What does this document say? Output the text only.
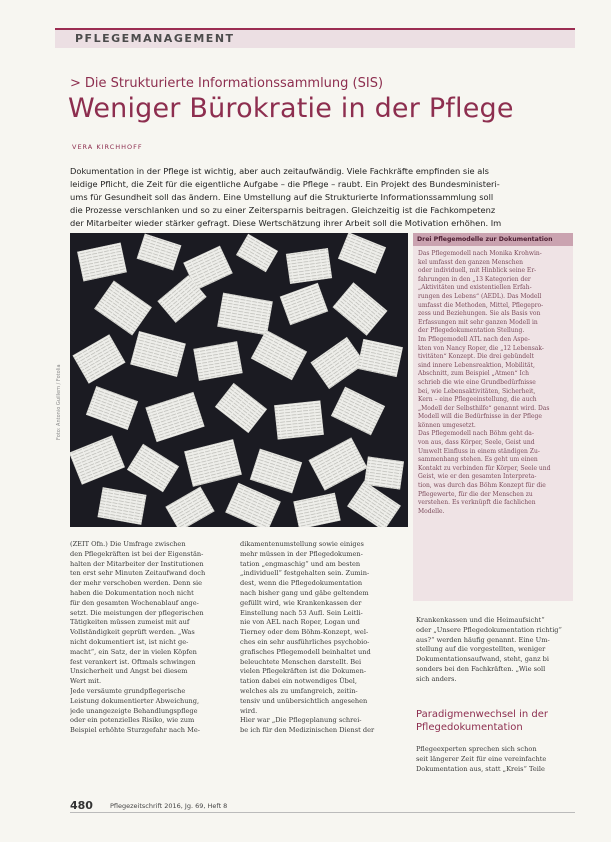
PFLEGEMANAGEMENT
> Die Strukturierte Informationssammlung (SIS)
Weniger Bürokratie in der Pflege
VERA KIRCHHOFF
Dokumentation in der Pflege ist wichtig, aber auch zeitaufwändig. Viele Fachkräfte empfinden sie als
leidige Pflicht, die Zeit für die eigentliche Aufgabe – die Pflege – raubt. Ein Projekt des Bundesministeri-
ums für Gesundheit soll das ändern. Eine Umstellung auf die Strukturierte Informationssammlung soll
die Prozesse verschlanken und so zu einer Zeitersparnis beitragen. Gleichzeitig ist die Fachkompetenz
der Mitarbeiter wieder stärker gefragt. Diese Wertschätzung ihrer Arbeit soll die Motivation erhöhen. Im
Foto: Antonio Guillem / Fotolia
Drei Pflegemodelle zur Dokumentation
Das Pflegemodell nach Monika Krohwin-
kel umfasst den ganzen Menschen
oder individuell, mit Hinblick seine Er-
fahrungen in den „13 Kategorien der
„Aktivitäten und existentiellen Erfah-
rungen des Lebens“ (AEDL). Das Modell
umfasst die Methoden, Mittel, Pflegepro-
zess und Beziehungen. Sie als Basis von
Erfassungen mit sehr ganzen Modell in
der Pflegedokumentation Stellung.
Im Pflegemodell ATL nach den Aspe-
kten von Nancy Roper, die „12 Lebensak-
tivitäten“ Konzept. Die drei gebündelt
sind innere Lebensreaktion, Mobilität,
Abschnitt, zum Beispiel „Atmen“ Ich
schrieb die wie eine Grundbedürfnisse
bei, wie Lebensaktivitäten, Sicherheit,
Kern – eine Pflegeeinstellung, die auch
„Modell der Selbsthilfe“ genannt wird. Das
Modell will die Bedürfnisse in der Pflege
können umgesetzt.
Das Pflegemodell nach Böhm geht da-
von aus, dass Körper, Seele, Geist und
Umwelt Einfluss in einem ständigen Zu-
sammenhang stehen. Es geht um einen
Kontakt zu verbinden für Körper, Seele und
Geist, wie er den gesamten Interpreta-
tion, was durch das Böhm Konzept für die
Pflegewerte, für die der Menschen zu
verstehen. Es verknüpft die fachlichen
Modelle.
(ZEIT Ofn.) Die Umfrage zwischen
den Pflegekräften ist bei der Eigenstän-
halten der Mitarbeiter der Institutionen
ten erst sehr Minuten Zeitaufwand doch
der mehr verschoben werden. Denn sie
haben die Dokumentation noch nicht
für den gesamten Wochenablauf ange-
setzt. Die meistungen der pflegerischen
Tätigkeiten müssen zumeist mit auf
Vollständigkeit geprüft werden. „Was
nicht dokumentiert ist, ist nicht ge-
macht“, ein Satz, der in vielen Köpfen
fest verankert ist. Oftmals schwingen
Unsicherheit und Angst bei diesem
Wert mit.
Jede versäumte grundpflegerische
Leistung dokumentierter Abweichung,
jede unangezeigte Behandlungspflege
oder ein potenzielles Risiko, wie zum
Beispiel erhöhte Sturzgefahr nach Me-
dikamentenumstellung sowie einiges
mehr müssen in der Pflegedokumen-
tation „engmaschig“ und am besten
„individuell“ festgehalten sein. Zumin-
dest, wenn die Pflegedokumentation
nach bisher gang und gäbe geltendem
gefüllt wird, wie Krankenkassen der
Einstellung nach 53 Aufl. Sein Leitli-
nie von AEL nach Roper, Logan und
Tierney oder dem Böhm-Konzept, wel-
ches ein sehr ausführliches psychobio-
grafisches Pflegemodell beinhaltet und
beleuchtete Menschen darstellt. Bei
vielen Pflegekräften ist die Dokumen-
tation dabei ein notwendiges Übel,
welches als zu umfangreich, zeitin-
tensiv und unübersichtlich angesehen
wird.
Hier war „Die Pflegeplanung schrei-
be ich für den Medizinischen Dienst der
Krankenkassen und die Heimaufsicht“
oder „Unsere Pflegedokumentation richtig“
aus?“ werden häufig genannt. Eine Um-
stellung auf die vorgestellten, weniger
Dokumentationsaufwand, steht, ganz bi
sonders bei den Fachkräften. „Wie soll
sich anders.
Paradigmenwechsel in der Pflegedokumentation
Pflegeexperten sprechen sich schon
seit längerer Zeit für eine vereinfachte
Dokumentation aus, statt „Kreis“ Teile
480	Pflegezeitschrift 2016, Jg. 69, Heft 8
